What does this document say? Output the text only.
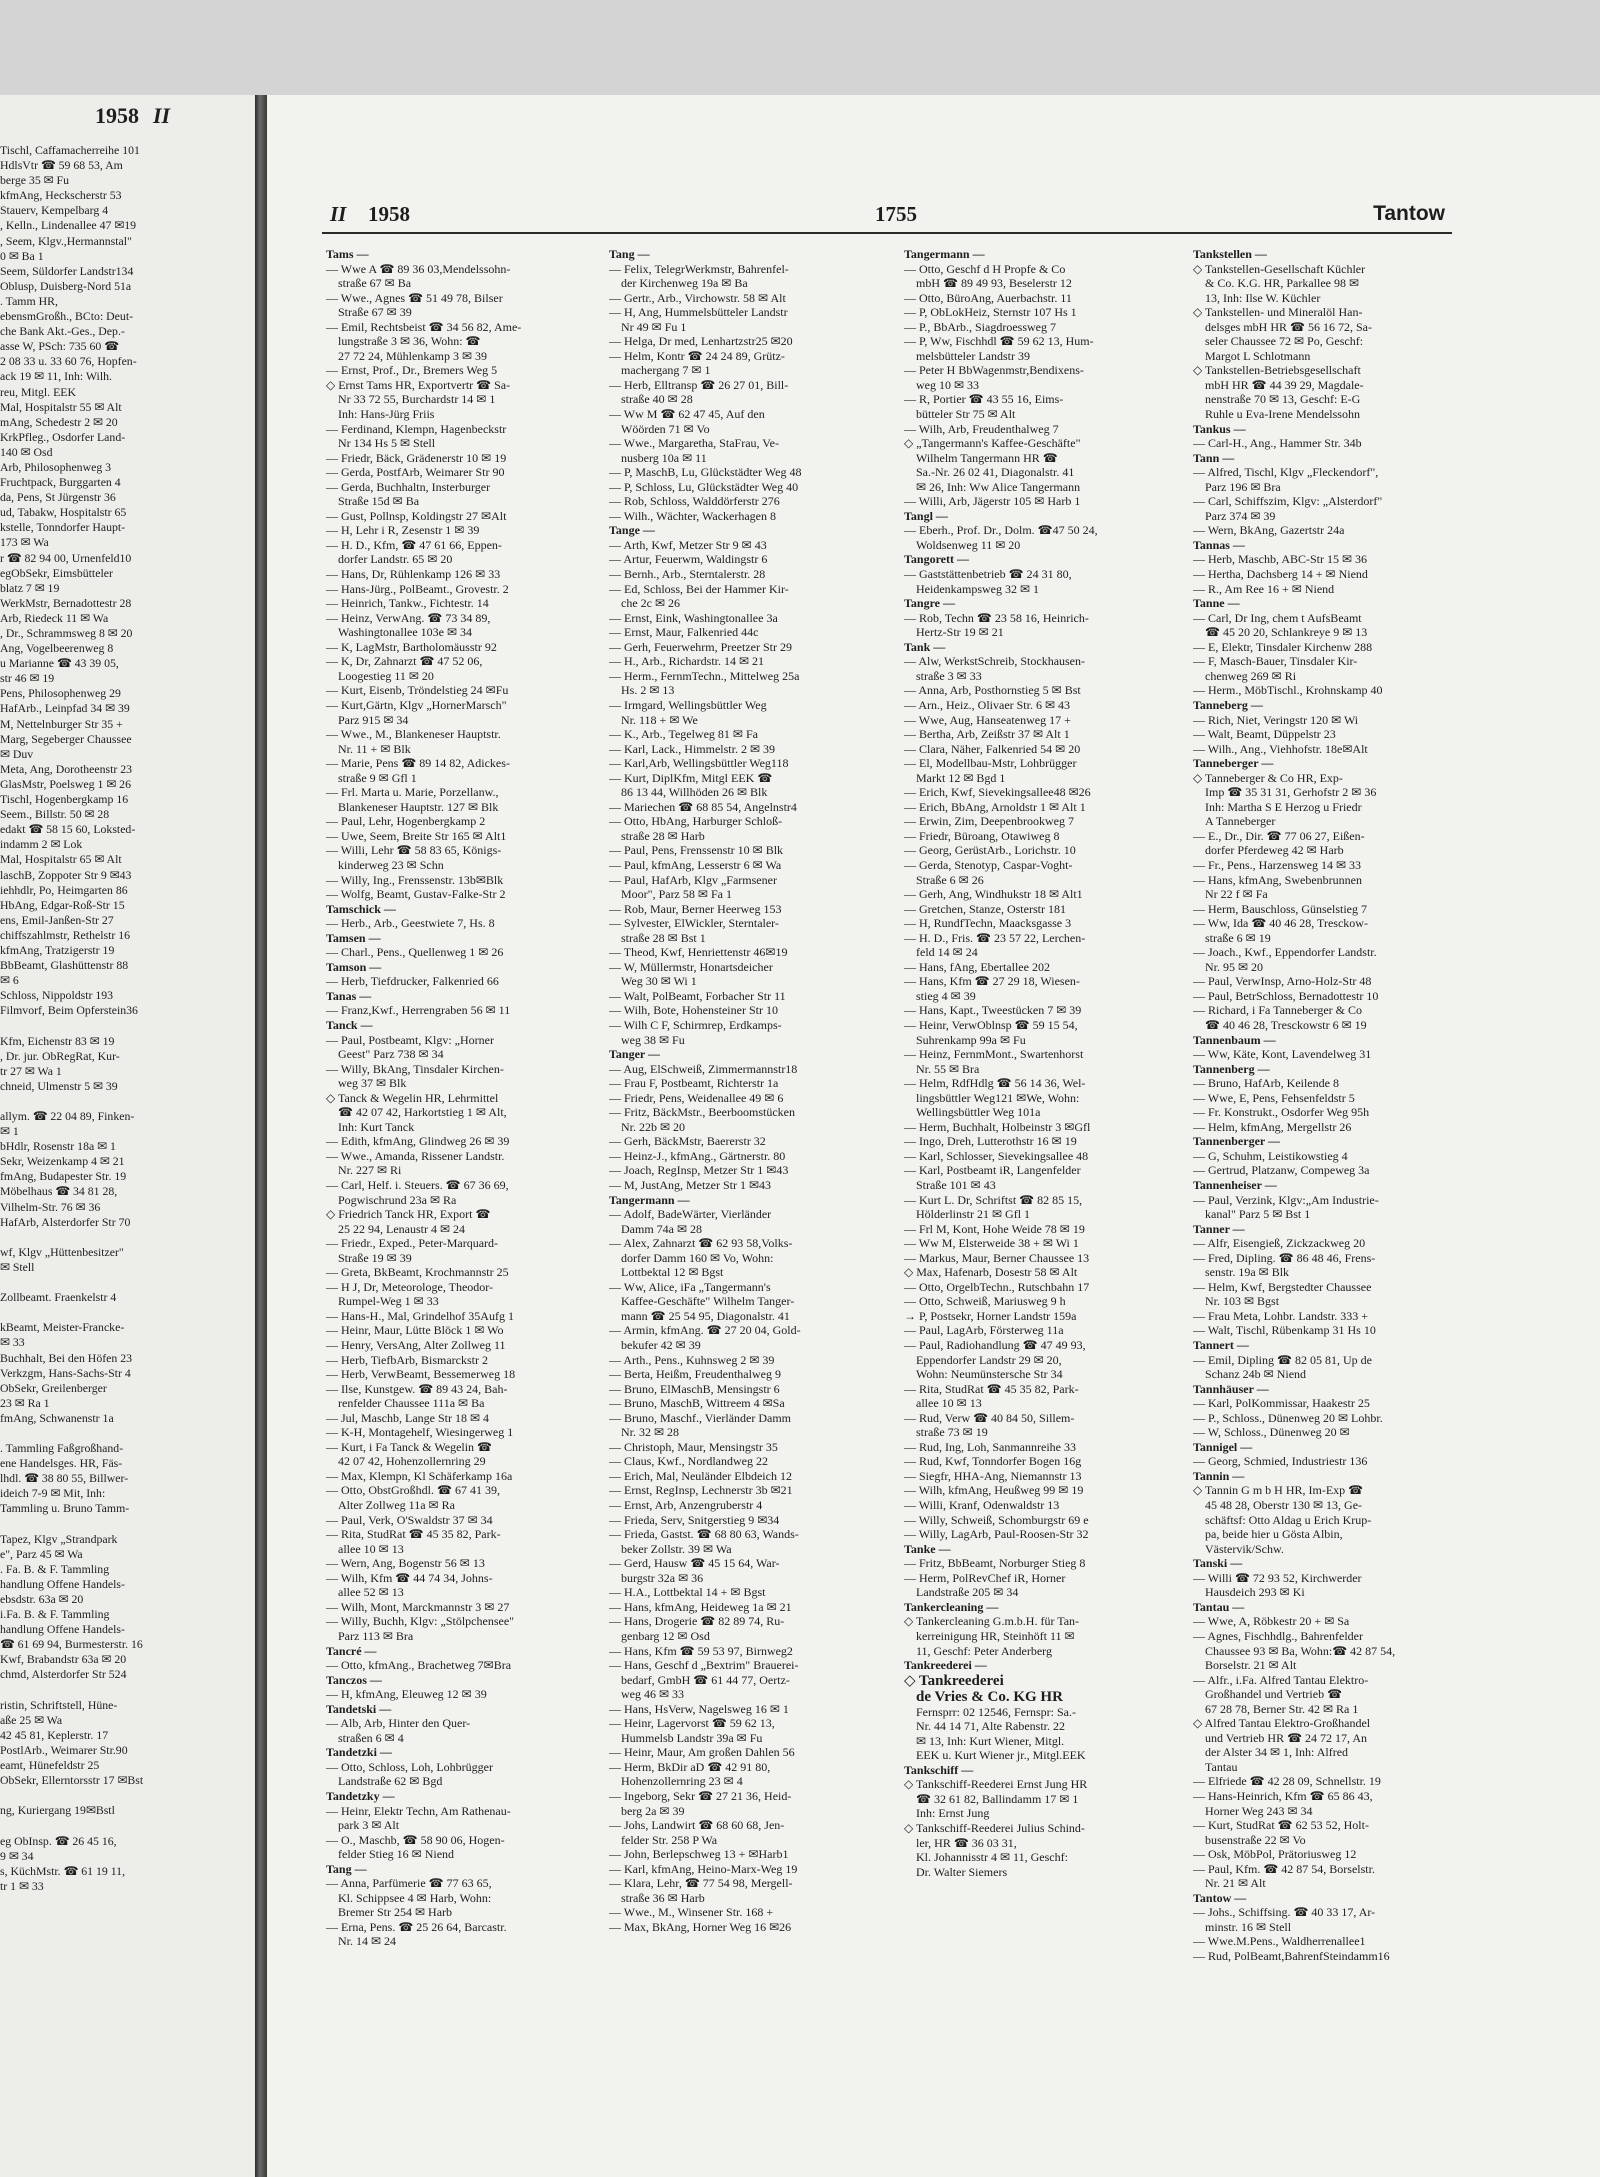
1958 II
Tischl, Caffamacherreihe 101
HdlsVtr ☎ 59 68 53, Am
berge 35 ✉ Fu
kfmAng, Heckscherstr 53
Stauerv, Kempelbarg 4
, Kelln., Lindenallee 47 ✉19
, Seem, Klgv.,Hermannstal"
0 ✉ Ba 1
Seem, Süldorfer Landstr134
Oblusp, Duisberg-Nord 51a
. Tamm HR,
ebensmGroßh., BCto: Deut-
che Bank Akt.-Ges., Dep.-
asse W, PSch: 735 60 ☎
2 08 33 u. 33 60 76, Hopfen-
ack 19 ✉ 11, Inh: Wilh.
reu, Mitgl. EEK
Mal, Hospitalstr 55 ✉ Alt
mAng, Schedestr 2 ✉ 20
KrkPfleg., Osdorfer Land-
140 ✉ Osd
Arb, Philosophenweg 3
Fruchtpack, Burggarten 4
da, Pens, St Jürgenstr 36
ud, Tabakw, Hospitalstr 65
kstelle, Tonndorfer Haupt-
173 ✉ Wa
r ☎ 82 94 00, Urnenfeld10
egObSekr, Eimsbütteler
blatz 7 ✉ 19
WerkMstr, Bernadottestr 28
Arb, Riedeck 11 ✉ Wa
, Dr., Schrammsweg 8 ✉ 20
Ang, Vogelbeerenweg 8
u Marianne ☎ 43 39 05,
str 46 ✉ 19
Pens, Philosophenweg 29
HafArb., Leinpfad 34 ✉ 39
M, Nettelnburger Str 35 +
Marg, Segeberger Chaussee
✉ Duv
Meta, Ang, Dorotheenstr 23
GlasMstr, Poelsweg 1 ✉ 26
Tischl, Hogenbergkamp 16
Seem., Billstr. 50 ✉ 28
edakt ☎ 58 15 60, Loksted-
indamm 2 ✉ Lok
Mal, Hospitalstr 65 ✉ Alt
laschB, Zoppoter Str 9 ✉43
iehhdlr, Po, Heimgarten 86
HbAng, Edgar-Roß-Str 15
ens, Emil-Janßen-Str 27
chiffszahlmstr, Rethelstr 16
kfmAng, Tratzigerstr 19
BbBeamt, Glashüttenstr 88
✉ 6
Schloss, Nippoldstr 193
Filmvorf, Beim Opferstein36

Kfm, Eichenstr 83 ✉ 19
, Dr. jur. ObRegRat, Kur-
tr 27 ✉ Wa 1
chneid, Ulmenstr 5 ✉ 39

allym. ☎ 22 04 89, Finken-
✉ 1
bHdlr, Rosenstr 18a ✉ 1
Sekr, Weizenkamp 4 ✉ 21
fmAng, Budapester Str. 19
Möbelhaus ☎ 34 81 28,
Vilhelm-Str. 76 ✉ 36
HafArb, Alsterdorfer Str 70

wf, Klgv „Hüttenbesitzer"
✉ Stell

Zollbeamt. Fraenkelstr 4

kBeamt, Meister-Francke-
✉ 33
Buchhalt, Bei den Höfen 23
Verkzgm, Hans-Sachs-Str 4
ObSekr, Greilenberger
23 ✉ Ra 1
fmAng, Schwanenstr 1a

. Tammling Faßgroßhand-
ene Handelsges. HR, Fäs-
lhdl. ☎ 38 80 55, Billwer-
ideich 7-9 ✉ Mit, Inh:
Tammling u. Bruno Tamm-

Tapez, Klgv „Strandpark
e", Parz 45 ✉ Wa
. Fa. B. & F. Tammling
handlung Offene Handels-
ebsdstr. 63a ✉ 20
i.Fa. B. & F. Tammling
handlung Offene Handels-
☎ 61 69 94, Burmesterstr. 16
Kwf, Brabandstr 63a ✉ 20
chmd, Alsterdorfer Str 524

ristin, Schriftstell, Hüne-
aße 25 ✉ Wa
42 45 81, Keplerstr. 17
PostlArb., Weimarer Str.90
eamt, Hünefeldstr 25
ObSekr, Ellerntorsstr 17 ✉Bst

ng, Kuriergang 19✉Bstl

eg ObInsp. ☎ 26 45 16,
9 ✉ 34
s, KüchMstr. ☎ 61 19 11,
tr 1 ✉ 33
II 1958	1755	Tantow
Tams —
— Wwe A ☎ 89 36 03,Mendelssohn-
straße 67 ✉ Ba
— Wwe., Agnes ☎ 51 49 78, Bilser
Straße 67 ✉ 39
— Emil, Rechtsbeist ☎ 34 56 82, Ame-
lungstraße 3 ✉ 36, Wohn: ☎
27 72 24, Mühlenkamp 3 ✉ 39
— Ernst, Prof., Dr., Bremers Weg 5
◇ Ernst Tams HR, Exportvertr ☎ Sa-
Nr 33 72 55, Burchardstr 14 ✉ 1
Inh: Hans-Jürg Friis
— Ferdinand, Klempn, Hagenbeckstr
Nr 134 Hs 5 ✉ Stell
— Friedr, Bäck, Grädenerstr 10 ✉ 19
— Gerda, PostfArb, Weimarer Str 90
— Gerda, Buchhaltn, Insterburger
Straße 15d ✉ Ba
— Gust, Pollnsp, Koldingstr 27 ✉Alt
— H, Lehr i R, Zesenstr 1 ✉ 39
— H. D., Kfm, ☎ 47 61 66, Eppen-
dorfer Landstr. 65 ✉ 20
— Hans, Dr, Rühlenkamp 126 ✉ 33
— Hans-Jürg., PolBeamt., Grovestr. 2
— Heinrich, Tankw., Fichtestr. 14
— Heinz, VerwAng. ☎ 73 34 89,
Washingtonallee 103e ✉ 34
— K, LagMstr, Bartholomäusstr 92
— K, Dr, Zahnarzt ☎ 47 52 06,
Loogestieg 11 ✉ 20
— Kurt, Eisenb, Tröndelstieg 24 ✉Fu
— Kurt,Gärtn, Klgv „HornerMarsch"
Parz 915 ✉ 34
— Wwe., M., Blankeneser Hauptstr.
Nr. 11 + ✉ Blk
— Marie, Pens ☎ 89 14 82, Adickes-
straße 9 ✉ Gfl 1
— Frl. Marta u. Marie, Porzellanw.,
Blankeneser Hauptstr. 127 ✉ Blk
— Paul, Lehr, Hogenbergkamp 2
— Uwe, Seem, Breite Str 165 ✉ Alt1
— Willi, Lehr ☎ 58 83 65, Königs-
kinderweg 23 ✉ Schn
— Willy, Ing., Frenssenstr. 13b✉Blk
— Wolfg, Beamt, Gustav-Falke-Str 2
Tamschick —
— Herb., Arb., Geestwiete 7, Hs. 8
Tamsen —
— Charl., Pens., Quellenweg 1 ✉ 26
Tamson —
— Herb, Tiefdrucker, Falkenried 66
Tanas —
— Franz,Kwf., Herrengraben 56 ✉ 11
Tanck —
— Paul, Postbeamt, Klgv: „Horner
Geest" Parz 738 ✉ 34
— Willy, BkAng, Tinsdaler Kirchen-
weg 37 ✉ Blk
◇ Tanck & Wegelin HR, Lehrmittel
☎ 42 07 42, Harkortstieg 1 ✉ Alt,
Inh: Kurt Tanck
— Edith, kfmAng, Glindweg 26 ✉ 39
— Wwe., Amanda, Rissener Landstr.
Nr. 227 ✉ Ri
— Carl, Helf. i. Steuers. ☎ 67 36 69,
Pogwischrund 23a ✉ Ra
◇ Friedrich Tanck HR, Export ☎
25 22 94, Lenaustr 4 ✉ 24
— Friedr., Exped., Peter-Marquard-
Straße 19 ✉ 39
— Greta, BkBeamt, Krochmannstr 25
— H J, Dr, Meteorologe, Theodor-
Rumpel-Weg 1 ✉ 33
— Hans-H., Mal, Grindelhof 35Aufg 1
— Heinr, Maur, Lütte Blöck 1 ✉ Wo
— Henry, VersAng, Alter Zollweg 11
— Herb, TiefbArb, Bismarckstr 2
— Herb, VerwBeamt, Bessemerweg 18
— Ilse, Kunstgew. ☎ 89 43 24, Bah-
renfelder Chaussee 111a ✉ Ba
— Jul, Maschb, Lange Str 18 ✉ 4
— K-H, Montagehelf, Wiesingerweg 1
— Kurt, i Fa Tanck & Wegelin ☎
42 07 42, Hohenzollernring 29
— Max, Klempn, Kl Schäferkamp 16a
— Otto, ObstGroßhdl. ☎ 67 41 39,
Alter Zollweg 11a ✉ Ra
— Paul, Verk, O'Swaldstr 37 ✉ 34
— Rita, StudRat ☎ 45 35 82, Park-
allee 10 ✉ 13
— Wern, Ang, Bogenstr 56 ✉ 13
— Wilh, Kfm ☎ 44 74 34, Johns-
allee 52 ✉ 13
— Wilh, Mont, Marckmannstr 3 ✉ 27
— Willy, Buchh, Klgv: „Stölpchensee"
Parz 113 ✉ Bra
Tancré —
— Otto, kfmAng., Brachetweg 7✉Bra
Tanczos —
— H, kfmAng, Eleuweg 12 ✉ 39
Tandetski —
— Alb, Arb, Hinter den Quer-
straßen 6 ✉ 4
Tandetzki —
— Otto, Schloss, Loh, Lohbrügger
Landstraße 62 ✉ Bgd
Tandetzky —
— Heinr, Elektr Techn, Am Rathenau-
park 3 ✉ Alt
— O., Maschb, ☎ 58 90 06, Hogen-
felder Stieg 16 ✉ Niend
Tang —
— Anna, Parfümerie ☎ 77 63 65,
Kl. Schippsee 4 ✉ Harb, Wohn:
Bremer Str 254 ✉ Harb
— Erna, Pens. ☎ 25 26 64, Barcastr.
Nr. 14 ✉ 24
Tang —
— Felix, TelegrWerkmstr, Bahrenfel-
der Kirchenweg 19a ✉ Ba
— Gertr., Arb., Virchowstr. 58 ✉ Alt
— H, Ang, Hummelsbütteler Landstr
Nr 49 ✉ Fu 1
— Helga, Dr med, Lenhartzstr25 ✉20
— Helm, Kontr ☎ 24 24 89, Grütz-
machergang 7 ✉ 1
— Herb, Elltransp ☎ 26 27 01, Bill-
straße 40 ✉ 28
— Ww M ☎ 62 47 45, Auf den
Wöörden 71 ✉ Vo
— Wwe., Margaretha, StaFrau, Ve-
nusberg 10a ✉ 11
— P, MaschB, Lu, Glückstädter Weg 48
— P, Schloss, Lu, Glückstädter Weg 40
— Rob, Schloss, Walddörferstr 276
— Wilh., Wächter, Wackerhagen 8
Tange —
— Arth, Kwf, Metzer Str 9 ✉ 43
— Artur, Feuerwm, Waldingstr 6
— Bernh., Arb., Sterntalerstr. 28
— Ed, Schloss, Bei der Hammer Kir-
che 2c ✉ 26
— Ernst, Eink, Washingtonallee 3a
— Ernst, Maur, Falkenried 44c
— Gerh, Feuerwehrm, Preetzer Str 29
— H., Arb., Richardstr. 14 ✉ 21
— Herm., FernmTechn., Mittelweg 25a
Hs. 2 ✉ 13
— Irmgard, Wellingsbüttler Weg
Nr. 118 + ✉ We
— K., Arb., Tegelweg 81 ✉ Fa
— Karl, Lack., Himmelstr. 2 ✉ 39
— Karl,Arb, Wellingsbüttler Weg118
— Kurt, DiplKfm, Mitgl EEK ☎
86 13 44, Willhöden 26 ✉ Blk
— Mariechen ☎ 68 85 54, Angelnstr4
— Otto, HbAng, Harburger Schloß-
straße 28 ✉ Harb
— Paul, Pens, Frenssenstr 10 ✉ Blk
— Paul, kfmAng, Lesserstr 6 ✉ Wa
— Paul, HafArb, Klgv „Farmsener
Moor", Parz 58 ✉ Fa 1
— Rob, Maur, Berner Heerweg 153
— Sylvester, ElWickler, Sterntaler-
straße 28 ✉ Bst 1
— Theod, Kwf, Henriettenstr 46✉19
— W, Müllermstr, Honartsdeicher
Weg 30 ✉ Wi 1
— Walt, PolBeamt, Forbacher Str 11
— Wilh, Bote, Hohensteiner Str 10
— Wilh C F, Schirmrep, Erdkamps-
weg 38 ✉ Fu
Tanger —
— Aug, ElSchweiß, Zimmermannstr18
— Frau F, Postbeamt, Richterstr 1a
— Friedr, Pens, Weidenallee 49 ✉ 6
— Fritz, BäckMstr., Beerboomstücken
Nr. 22b ✉ 20
— Gerh, BäckMstr, Baererstr 32
— Heinz-J., kfmAng., Gärtnerstr. 80
— Joach, RegInsp, Metzer Str 1 ✉43
— M, JustAng, Metzer Str 1 ✉43
Tangermann —
— Adolf, BadeWärter, Vierländer
Damm 74a ✉ 28
— Alex, Zahnarzt ☎ 62 93 58,Volks-
dorfer Damm 160 ✉ Vo, Wohn:
Lottbektal 12 ✉ Bgst
— Ww, Alice, iFa „Tangermann's
Kaffee-Geschäfte" Wilhelm Tanger-
mann ☎ 25 54 95, Diagonalstr. 41
— Armin, kfmAng. ☎ 27 20 04, Gold-
bekufer 42 ✉ 39
— Arth., Pens., Kuhnsweg 2 ✉ 39
— Berta, Heißm, Freudenthalweg 9
— Bruno, ElMaschB, Mensingstr 6
— Bruno, MaschB, Wittreem 4 ✉Sa
— Bruno, Maschf., Vierländer Damm
Nr. 32 ✉ 28
— Christoph, Maur, Mensingstr 35
— Claus, Kwf., Nordlandweg 22
— Erich, Mal, Neuländer Elbdeich 12
— Ernst, RegInsp, Lechnerstr 3b ✉21
— Ernst, Arb, Anzengruberstr 4
— Frieda, Serv, Snitgerstieg 9 ✉34
— Frieda, Gastst. ☎ 68 80 63, Wands-
beker Zollstr. 39 ✉ Wa
— Gerd, Hausw ☎ 45 15 64, War-
burgstr 32a ✉ 36
— H.A., Lottbektal 14 + ✉ Bgst
— Hans, kfmAng, Heideweg 1a ✉ 21
— Hans, Drogerie ☎ 82 89 74, Ru-
genbarg 12 ✉ Osd
— Hans, Kfm ☎ 59 53 97, Birnweg2
— Hans, Geschf d „Bextrim" Brauerei-
bedarf, GmbH ☎ 61 44 77, Oertz-
weg 46 ✉ 33
— Hans, HsVerw, Nagelsweg 16 ✉ 1
— Heinr, Lagervorst ☎ 59 62 13,
Hummelsb Landstr 39a ✉ Fu
— Heinr, Maur, Am großen Dahlen 56
— Herm, BkDir aD ☎ 42 91 80,
Hohenzollernring 23 ✉ 4
— Ingeborg, Sekr ☎ 27 21 36, Heid-
berg 2a ✉ 39
— Johs, Landwirt ☎ 68 60 68, Jen-
felder Str. 258 P Wa
— John, Berlepschweg 13 + ✉Harb1
— Karl, kfmAng, Heino-Marx-Weg 19
— Klara, Lehr, ☎ 77 54 98, Mergell-
straße 36 ✉ Harb
— Wwe., M., Winsener Str. 168 +
— Max, BkAng, Horner Weg 16 ✉26
Tangermann —
— Otto, Geschf d H Propfe & Co
mbH ☎ 89 49 93, Beselerstr 12
— Otto, BüroAng, Auerbachstr. 11
— P, ObLokHeiz, Sternstr 107 Hs 1
— P., BbArb., Siagdroessweg 7
— P, Ww, Fischhdl ☎ 59 62 13, Hum-
melsbütteler Landstr 39
— Peter H BbWagenmstr,Bendixens-
weg 10 ✉ 33
— R, Portier ☎ 43 55 16, Eims-
bütteler Str 75 ✉ Alt
— Wilh, Arb, Freudenthalweg 7
◇ „Tangermann's Kaffee-Geschäfte"
Wilhelm Tangermann HR ☎
Sa.-Nr. 26 02 41, Diagonalstr. 41
✉ 26, Inh: Ww Alice Tangermann
— Willi, Arb, Jägerstr 105 ✉ Harb 1
Tangl —
— Eberh., Prof. Dr., Dolm. ☎47 50 24,
Woldsenweg 11 ✉ 20
Tangorett —
— Gaststättenbetrieb ☎ 24 31 80,
Heidenkampsweg 32 ✉ 1
Tangre —
— Rob, Techn ☎ 23 58 16, Heinrich-
Hertz-Str 19 ✉ 21
Tank —
— Alw, WerkstSchreib, Stockhausen-
straße 3 ✉ 33
— Anna, Arb, Posthornstieg 5 ✉ Bst
— Arn., Heiz., Olivaer Str. 6 ✉ 43
— Wwe, Aug, Hanseatenweg 17 +
— Bertha, Arb, Zeißstr 37 ✉ Alt 1
— Clara, Näher, Falkenried 54 ✉ 20
— El, Modellbau-Mstr, Lohbrügger
Markt 12 ✉ Bgd 1
— Erich, Kwf, Sievekingsallee48 ✉26
— Erich, BbAng, Arnoldstr 1 ✉ Alt 1
— Erwin, Zim, Deepenbrookweg 7
— Friedr, Büroang, Otawiweg 8
— Georg, GerüstArb., Lorichstr. 10
— Gerda, Stenotyp, Caspar-Voght-
Straße 6 ✉ 26
— Gerh, Ang, Windhukstr 18 ✉ Alt1
— Gretchen, Stanze, Osterstr 181
— H, RundfTechn, Maacksgasse 3
— H. D., Fris. ☎ 23 57 22, Lerchen-
feld 14 ✉ 24
— Hans, fAng, Ebertallee 202
— Hans, Kfm ☎ 27 29 18, Wiesen-
stieg 4 ✉ 39
— Hans, Kapt., Tweestücken 7 ✉ 39
— Heinr, VerwOblnsp ☎ 59 15 54,
Suhrenkamp 99a ✉ Fu
— Heinz, FernmMont., Swartenhorst
Nr. 55 ✉ Bra
— Helm, RdfHdlg ☎ 56 14 36, Wel-
lingsbüttler Weg121 ✉We, Wohn:
Wellingsbüttler Weg 101a
— Herm, Buchhalt, Holbeinstr 3 ✉Gfl
— Ingo, Dreh, Lutterothstr 16 ✉ 19
— Karl, Schlosser, Sievekingsallee 48
— Karl, Postbeamt iR, Langenfelder
Straße 101 ✉ 43
— Kurt L. Dr, Schriftst ☎ 82 85 15,
Hölderlinstr 21 ✉ Gfl 1
— Frl M, Kont, Hohe Weide 78 ✉ 19
— Ww M, Elsterweide 38 + ✉ Wi 1
— Markus, Maur, Berner Chaussee 13
◇ Max, Hafenarb, Dosestr 58 ✉ Alt
— Otto, OrgelbTechn., Rutschbahn 17
— Otto, Schweiß, Mariusweg 9 h
→ P, Postsekr, Horner Landstr 159a
— Paul, LagArb, Försterweg 11a
— Paul, Radiohandlung ☎ 47 49 93,
Eppendorfer Landstr 29 ✉ 20,
Wohn: Neumünstersche Str 34
— Rita, StudRat ☎ 45 35 82, Park-
allee 10 ✉ 13
— Rud, Verw ☎ 40 84 50, Sillem-
straße 73 ✉ 19
— Rud, Ing, Loh, Sanmannreihe 33
— Rud, Kwf, Tonndorfer Bogen 16g
— Siegfr, HHA-Ang, Niemannstr 13
— Wilh, kfmAng, Heußweg 99 ✉ 19
— Willi, Kranf, Odenwaldstr 13
— Willy, Schweiß, Schomburgstr 69 e
— Willy, LagArb, Paul-Roosen-Str 32
Tanke —
— Fritz, BbBeamt, Norburger Stieg 8
— Herm, PolRevChef iR, Horner
Landstraße 205 ✉ 34
Tankercleaning —
◇ Tankercleaning G.m.b.H. für Tan-
kerreinigung HR, Steinhöft 11 ✉
11, Geschf: Peter Anderberg
Tankreederei —
◇ Tankreederei
de Vries & Co. KG HR
Fernsprr: 02 12546, Fernspr: Sa.-
Nr. 44 14 71, Alte Rabenstr. 22
✉ 13, Inh: Kurt Wiener, Mitgl.
EEK u. Kurt Wiener jr., Mitgl.EEK
Tankschiff —
◇ Tankschiff-Reederei Ernst Jung HR
☎ 32 61 82, Ballindamm 17 ✉ 1
Inh: Ernst Jung
◇ Tankschiff-Reederei Julius Schind-
ler, HR ☎ 36 03 31,
Kl. Johannisstr 4 ✉ 11, Geschf:
Dr. Walter Siemers
Tankstellen —
◇ Tankstellen-Gesellschaft Küchler
& Co. K.G. HR, Parkallee 98 ✉
13, Inh: Ilse W. Küchler
◇ Tankstellen- und Mineralöl Han-
delsges mbH HR ☎ 56 16 72, Sa-
seler Chaussee 72 ✉ Po, Geschf:
Margot L Schlotmann
◇ Tankstellen-Betriebsgesellschaft
mbH HR ☎ 44 39 29, Magdale-
nenstraße 70 ✉ 13, Geschf: E-G
Ruhle u Eva-Irene Mendelssohn
Tankus —
— Carl-H., Ang., Hammer Str. 34b
Tann —
— Alfred, Tischl, Klgv „Fleckendorf",
Parz 196 ✉ Bra
— Carl, Schiffszim, Klgv: „Alsterdorf"
Parz 374 ✉ 39
— Wern, BkAng, Gazertstr 24a
Tannas —
— Herb, Maschb, ABC-Str 15 ✉ 36
— Hertha, Dachsberg 14 + ✉ Niend
— R., Am Ree 16 + ✉ Niend
Tanne —
— Carl, Dr Ing, chem t AufsBeamt
☎ 45 20 20, Schlankreye 9 ✉ 13
— E, Elektr, Tinsdaler Kirchenw 288
— F, Masch-Bauer, Tinsdaler Kir-
chenweg 269 ✉ Ri
— Herm., MöbTischl., Krohnskamp 40
Tanneberg —
— Rich, Niet, Veringstr 120 ✉ Wi
— Walt, Beamt, Düppelstr 23
— Wilh., Ang., Viehhofstr. 18e✉Alt
Tanneberger —
◇ Tanneberger & Co HR, Exp-
Imp ☎ 35 31 31, Gerhofstr 2 ✉ 36
Inh: Martha S E Herzog u Friedr
A Tanneberger
— E., Dr., Dir. ☎ 77 06 27, Eißen-
dorfer Pferdeweg 42 ✉ Harb
— Fr., Pens., Harzensweg 14 ✉ 33
— Hans, kfmAng, Swebenbrunnen
Nr 22 f ✉ Fa
— Herm, Bauschloss, Günselstieg 7
— Ww, Ida ☎ 40 46 28, Tresckow-
straße 6 ✉ 19
— Joach., Kwf., Eppendorfer Landstr.
Nr. 95 ✉ 20
— Paul, VerwInsp, Arno-Holz-Str 48
— Paul, BetrSchloss, Bernadottestr 10
— Richard, i Fa Tanneberger & Co
☎ 40 46 28, Tresckowstr 6 ✉ 19
Tannenbaum —
— Ww, Käte, Kont, Lavendelweg 31
Tannenberg —
— Bruno, HafArb, Keilende 8
— Wwe, E, Pens, Fehsenfeldstr 5
— Fr. Konstrukt., Osdorfer Weg 95h
— Helm, kfmAng, Mergellstr 26
Tannenberger —
— G, Schuhm, Leistikowstieg 4
— Gertrud, Platzanw, Compeweg 3a
Tannenheiser —
— Paul, Verzink, Klgv:„Am Industrie-
kanal" Parz 5 ✉ Bst 1
Tanner —
— Alfr, Eisengieß, Zickzackweg 20
— Fred, Dipling. ☎ 86 48 46, Frens-
senstr. 19a ✉ Blk
— Helm, Kwf, Bergstedter Chaussee
Nr. 103 ✉ Bgst
— Frau Meta, Lohbr. Landstr. 333 +
— Walt, Tischl, Rübenkamp 31 Hs 10
Tannert —
— Emil, Dipling ☎ 82 05 81, Up de
Schanz 24b ✉ Niend
Tannhäuser —
— Karl, PolKommissar, Haakestr 25
— P., Schloss., Dünenweg 20 ✉ Lohbr.
— W, Schloss., Dünenweg 20 ✉
Tannigel —
— Georg, Schmied, Industriestr 136
Tannin —
◇ Tannin G m b H HR, Im-Exp ☎
45 48 28, Oberstr 130 ✉ 13, Ge-
schäftsf: Otto Aldag u Erich Krup-
pa, beide hier u Gösta Albin,
Västervik/Schw.
Tanski —
— Willi ☎ 72 93 52, Kirchwerder
Hausdeich 293 ✉ Ki
Tantau —
— Wwe, A, Röbkestr 20 + ✉ Sa
— Agnes, Fischhdlg., Bahrenfelder
Chaussee 93 ✉ Ba, Wohn:☎ 42 87 54,
Borselstr. 21 ✉ Alt
— Alfr., i.Fa. Alfred Tantau Elektro-
Großhandel und Vertrieb ☎
67 28 78, Berner Str. 42 ✉ Ra 1
◇ Alfred Tantau Elektro-Großhandel
und Vertrieb HR ☎ 24 72 17, An
der Alster 34 ✉ 1, Inh: Alfred
Tantau
— Elfriede ☎ 42 28 09, Schnellstr. 19
— Hans-Heinrich, Kfm ☎ 65 86 43,
Horner Weg 243 ✉ 34
— Kurt, StudRat ☎ 62 53 52, Holt-
busenstraße 22 ✉ Vo
— Osk, MöbPol, Prätoriusweg 12
— Paul, Kfm. ☎ 42 87 54, Borselstr.
Nr. 21 ✉ Alt
Tantow —
— Johs., Schiffsing. ☎ 40 33 17, Ar-
minstr. 16 ✉ Stell
— Wwe.M.Pens., Waldherrenallee1
— Rud, PolBeamt,BahrenfSteindamm16
